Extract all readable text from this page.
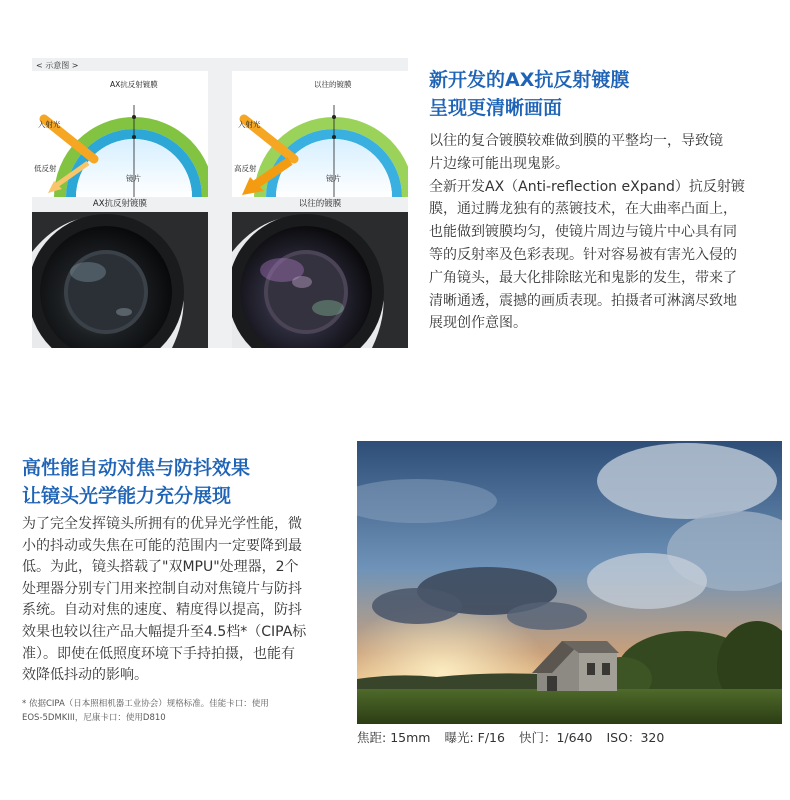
< 示意图 >
AX抗反射镀膜
入射光
低反射
镜片
以往的镀膜
入射光
高反射
镜片
AX抗反射镀膜	以往的镀膜
新开发的AX抗反射镀膜
呈现更清晰画面
以往的复合镀膜较难做到膜的平整均一，导致镜
片边缘可能出现鬼影。
全新开发AX（Anti-reflection eXpand）抗反射镀
膜，通过腾龙独有的蒸镀技术，在大曲率凸面上，
也能做到镀膜均匀，使镜片周边与镜片中心具有同
等的反射率及色彩表现。针对容易被有害光入侵的
广角镜头，最大化排除眩光和鬼影的发生，带来了
清晰通透，震撼的画质表现。拍摄者可淋漓尽致地
展现创作意图。
高性能自动对焦与防抖效果
让镜头光学能力充分展现
为了完全发挥镜头所拥有的优异光学性能，微
小的抖动或失焦在可能的范围内一定要降到最
低。为此，镜头搭载了"双MPU"处理器，2个
处理器分别专门用来控制自动对焦镜片与防抖
系统。自动对焦的速度、精度得以提高，防抖
效果也较以往产品大幅提升至4.5档*（CIPA标
准）。即使在低照度环境下手持拍摄，也能有
效降低抖动的影响。
* 依据CIPA（日本照相机器工业协会）规格标准。佳能卡口：使用
EOS-5DMKIII，尼康卡口：使用D810
焦距: 15mm 曝光: F/16 快门：1/640 ISO：320
